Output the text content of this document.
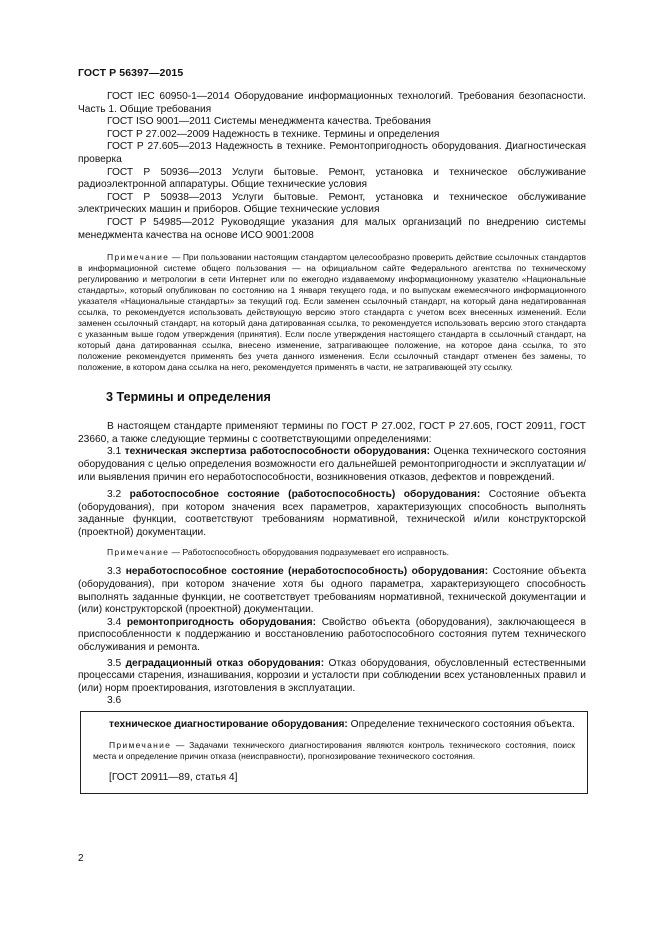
ГОСТ Р 56397—2015

ГОСТ IEC 60950-1—2014 Оборудование информационных технологий. Требования безопасности. Часть 1. Общие требования

ГОСТ ISO 9001—2011 Системы менеджмента качества. Требования

ГОСТ Р 27.002—2009 Надежность в технике. Термины и определения

ГОСТ Р 27.605—2013 Надежность в технике. Ремонтопригодность оборудования. Диагностическая проверка

ГОСТ Р 50936—2013 Услуги бытовые. Ремонт, установка и техническое обслуживание радиоэлектронной аппаратуры. Общие технические условия

ГОСТ Р 50938—2013 Услуги бытовые. Ремонт, установка и техническое обслуживание электрических машин и приборов. Общие технические условия

ГОСТ Р 54985—2012 Руководящие указания для малых организаций по внедрению системы менеджмента качества на основе ИСО 9001:2008

Примечание — При пользовании настоящим стандартом целесообразно проверить действие ссылочных стандартов в информационной системе общего пользования — на официальном сайте Федерального агентства по техническому регулированию и метрологии в сети Интернет или по ежегодно издаваемому информационному указателю «Национальные стандарты», который опубликован по состоянию на 1 января текущего года, и по выпускам ежемесячного информационного указателя «Национальные стандарты» за текущий год. Если заменен ссылочный стандарт, на который дана недатированная ссылка, то рекомендуется использовать действующую версию этого стандарта с учетом всех внесенных изменений. Если заменен ссылочный стандарт, на который дана датированная ссылка, то рекомендуется использовать версию этого стандарта с указанным выше годом утверждения (принятия). Если после утверждения настоящего стандарта в ссылочный стандарт, на который дана датированная ссылка, внесено изменение, затрагивающее положение, на которое дана ссылка, то это положение рекомендуется применять без учета данного изменения. Если ссылочный стандарт отменен без замены, то положение, в котором дана ссылка на него, рекомендуется применять в части, не затрагивающей эту ссылку.

3 Термины и определения

В настоящем стандарте применяют термины по ГОСТ Р 27.002, ГОСТ Р 27.605, ГОСТ 20911, ГОСТ 23660, а также следующие термины с соответствующими определениями:

3.1 техническая экспертиза работоспособности оборудования: Оценка технического состояния оборудования с целью определения возможности его дальнейшей ремонтопригодности и эксплуатации и/или выявления причин его неработоспособности, возникновения отказов, дефектов и повреждений.

3.2 работоспособное состояние (работоспособность) оборудования: Состояние объекта (оборудования), при котором значения всех параметров, характеризующих способность выполнять заданные функции, соответствуют требованиям нормативной, технической и/или конструкторской (проектной) документации.

Примечание — Работоспособность оборудования подразумевает его исправность.

3.3 неработоспособное состояние (неработоспособность) оборудования: Состояние объекта (оборудования), при котором значение хотя бы одного параметра, характеризующего способность выполнять заданные функции, не соответствует требованиям нормативной, технической документации и (или) конструкторской (проектной) документации.

3.4 ремонтопригодность оборудования: Свойство объекта (оборудования), заключающееся в приспособленности к поддержанию и восстановлению работоспособного состояния путем технического обслуживания и ремонта.

3.5 деградационный отказ оборудования: Отказ оборудования, обусловленный естественными процессами старения, изнашивания, коррозии и усталости при соблюдении всех установленных правил и (или) норм проектирования, изготовления в эксплуатации.

3.6

техническое диагностирование оборудования: Определение технического состояния объекта.

Примечание — Задачами технического диагностирования являются контроль технического состояния, поиск места и определение причин отказа (неисправности), прогнозирование технического состояния.

[ГОСТ 20911—89, статья 4]

2
